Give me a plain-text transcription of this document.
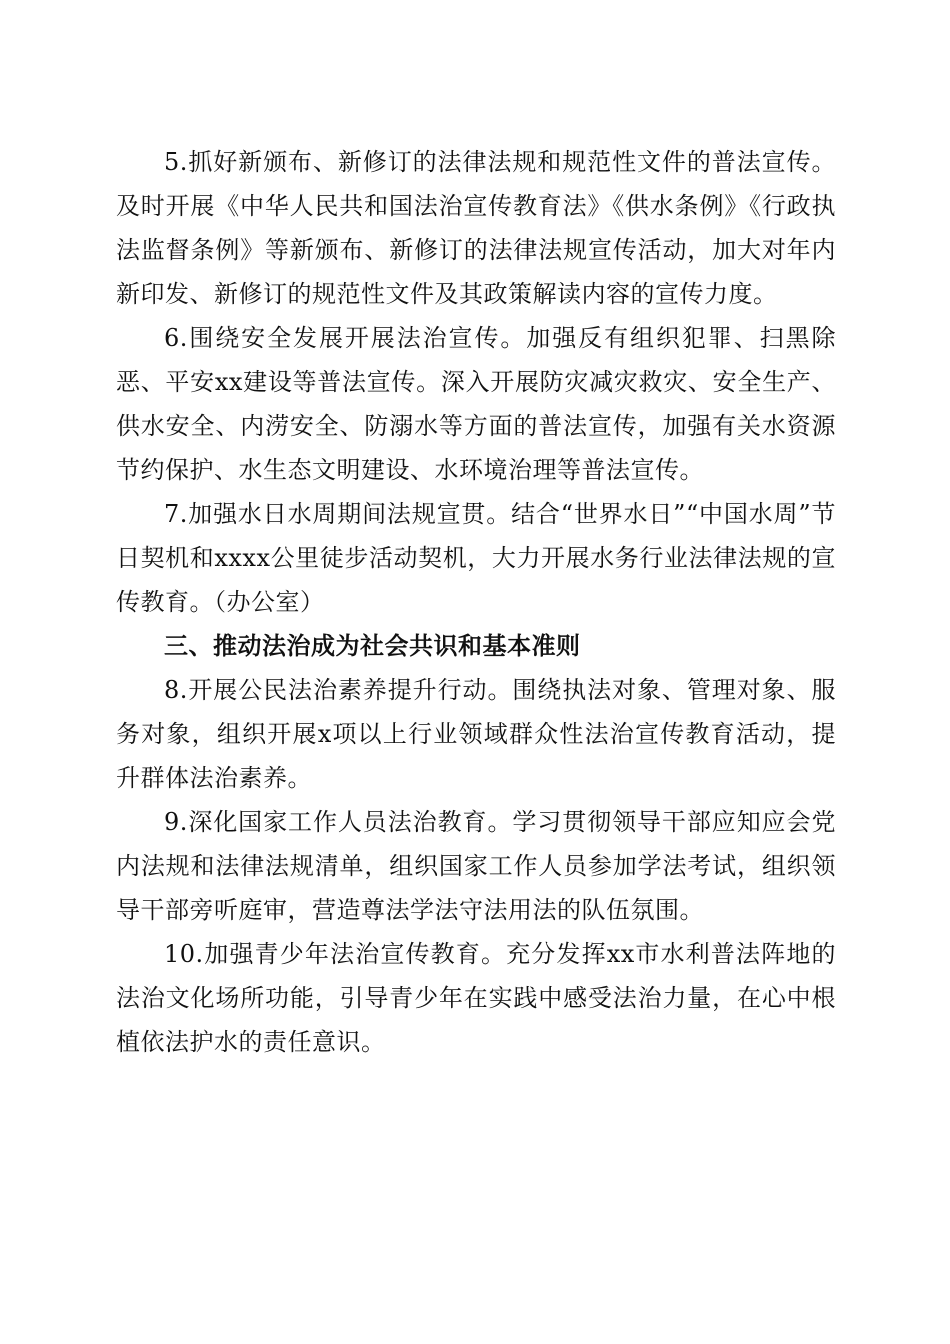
5.抓好新颁布、新修订的法律法规和规范性文件的普法宣传。及时开展《中华人民共和国法治宣传教育法》《供水条例》《行政执法监督条例》等新颁布、新修订的法律法规宣传活动，加大对年内新印发、新修订的规范性文件及其政策解读内容的宣传力度。

6.围绕安全发展开展法治宣传。加强反有组织犯罪、扫黑除恶、平安xx建设等普法宣传。深入开展防灾减灾救灾、安全生产、供水安全、内涝安全、防溺水等方面的普法宣传，加强有关水资源节约保护、水生态文明建设、水环境治理等普法宣传。

7.加强水日水周期间法规宣贯。结合“世界水日”“中国水周”节日契机和xxxx公里徒步活动契机，大力开展水务行业法律法规的宣传教育。（办公室）

三、推动法治成为社会共识和基本准则

8.开展公民法治素养提升行动。围绕执法对象、管理对象、服务对象，组织开展x项以上行业领域群众性法治宣传教育活动，提升群体法治素养。

9.深化国家工作人员法治教育。学习贯彻领导干部应知应会党内法规和法律法规清单，组织国家工作人员参加学法考试，组织领导干部旁听庭审，营造尊法学法守法用法的队伍氛围。

10.加强青少年法治宣传教育。充分发挥xx市水利普法阵地的法治文化场所功能，引导青少年在实践中感受法治力量，在心中根植依法护水的责任意识。
